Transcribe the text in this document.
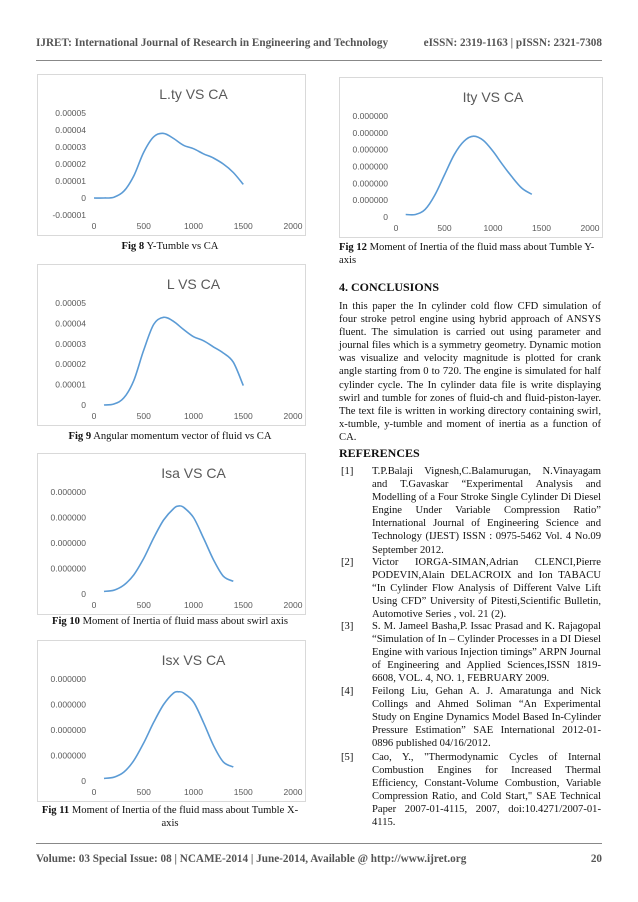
IJRET: International Journal of Research in Engineering and Technology	eISSN: 2319-1163 | pISSN: 2321-7308
L.ty VS CA
-0.00001
0
0.00001
0.00002
0.00003
0.00004
0.00005
0	500	1000	1500	2000
Fig 8 Y-Tumble vs CA
L VS CA
0
0.00001
0.00002
0.00003
0.00004
0.00005
0	500	1000	1500	2000
Fig 9 Angular momentum vector of fluid vs CA
Isa VS CA
0
0.000000
0.000000
0.000000
0.000000
0	500	1000	1500	2000
Fig 10 Moment of Inertia of fluid mass about swirl axis
Isx VS CA
0
0.000000
0.000000
0.000000
0.000000
0	500	1000	1500	2000
Fig 11 Moment of Inertia of the fluid mass about Tumble X-axis
Ity VS CA
0
0.000000
0.000000
0.000000
0.000000
0.000000
0.000000
0	500	1000	1500	2000
Fig 12 Moment of Inertia of the fluid mass about Tumble Y-axis
4. CONCLUSIONS
In this paper the In cylinder cold flow CFD simulation of four stroke petrol engine using hybrid approach of ANSYS fluent. The simulation is carried out using parameter and journal files which is a symmetry geometry. Dynamic motion was visualize and velocity magnitude is plotted for crank angle starting from 0 to 720. The engine is simulated for half cylinder cycle. The In cylinder data file is write displaying swirl and tumble for zones of fluid-ch and fluid-piston-layer. The text file is written in working directory containing swirl, x-tumble, y-tumble and moment of inertia as a function of CA.
REFERENCES
[1] T.P.Balaji Vignesh,C.Balamurugan, N.Vinayagam and T.Gavaskar “Experimental Analysis and Modelling of a Four Stroke Single Cylinder Di Diesel Engine Under Variable Compression Ratio” International Journal of Engineering Science and Technology (IJEST) ISSN : 0975-5462 Vol. 4 No.09 September 2012.
[2] Victor IORGA-SIMAN,Adrian CLENCI,Pierre PODEVIN,Alain DELACROIX and Ion TABACU “In Cylinder Flow Analysis of Different Valve Lift Using CFD” University of Pitesti,Scientific Bulletin, Automotive Series , vol. 21 (2).
[3] S. M. Jameel Basha,P. Issac Prasad and K. Rajagopal “Simulation of In – Cylinder Processes in a DI Diesel Engine with various Injection timings” ARPN Journal of Engineering and Applied Sciences,ISSN 1819-6608, VOL. 4, NO. 1, FEBRUARY 2009.
[4] Feilong Liu, Gehan A. J. Amaratunga and Nick Collings and Ahmed Soliman “An Experimental Study on Engine Dynamics Model Based In-Cylinder Pressure Estimation” SAE International 2012-01-0896 published 04/16/2012.
[5] Cao, Y., "Thermodynamic Cycles of Internal Combustion Engines for Increased Thermal Efficiency, Constant-Volume Combustion, Variable Compression Ratio, and Cold Start," SAE Technical Paper 2007-01-4115, 2007, doi:10.4271/2007-01-4115.
Volume: 03 Special Issue: 08 | NCAME-2014 | June-2014, Available @ http://www.ijret.org	20
